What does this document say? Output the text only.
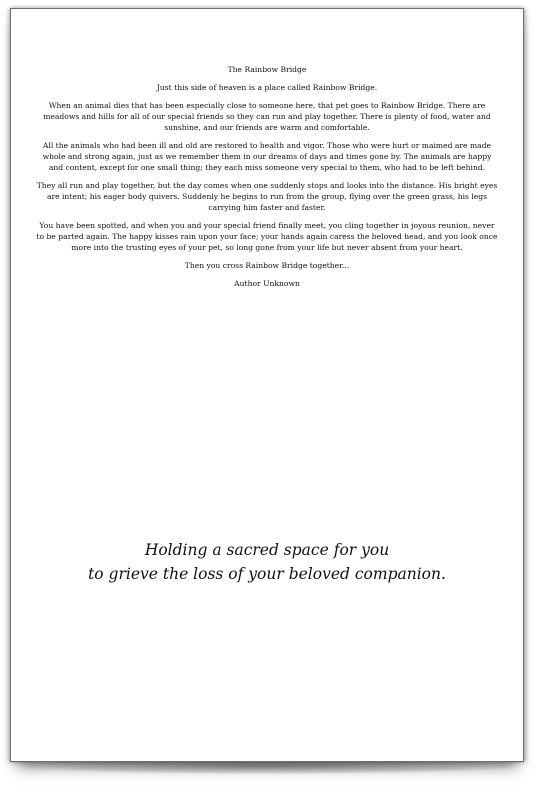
The Rainbow Bridge

Just this side of heaven is a place called Rainbow Bridge.

When an animal dies that has been especially close to someone here, that pet goes to Rainbow Bridge. There are meadows and hills for all of our special friends so they can run and play together. There is plenty of food, water and sunshine, and our friends are warm and comfortable.

All the animals who had been ill and old are restored to health and vigor. Those who were hurt or maimed are made whole and strong again, just as we remember them in our dreams of days and times gone by. The animals are happy and content, except for one small thing; they each miss someone very special to them, who had to be left behind.

They all run and play together, but the day comes when one suddenly stops and looks into the distance. His bright eyes are intent; his eager body quivers. Suddenly he begins to run from the group, flying over the green grass, his legs carrying him faster and faster.

You have been spotted, and when you and your special friend finally meet, you cling together in joyous reunion, never to be parted again. The happy kisses rain upon your face; your hands again caress the beloved head, and you look once more into the trusting eyes of your pet, so long gone from your life but never absent from your heart.

Then you cross Rainbow Bridge together...

Author Unknown

Holding a sacred space for you
to grieve the loss of your beloved companion.
